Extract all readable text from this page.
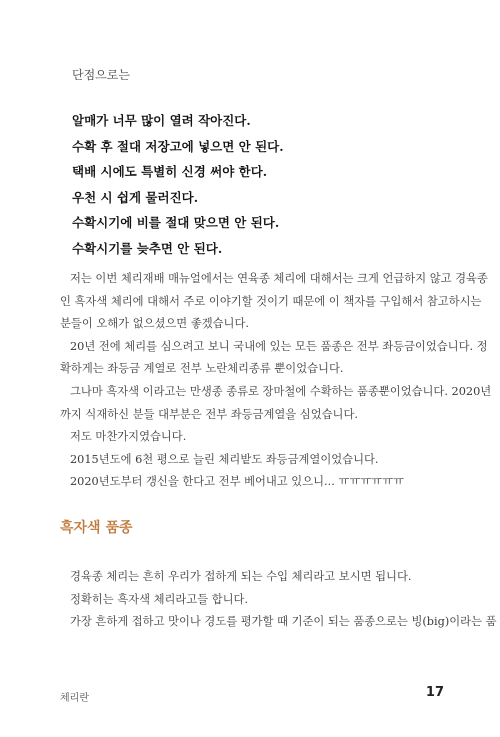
단점으로는
알매가 너무 많이 열려 작아진다.
수확 후 절대 저장고에 넣으면 안 된다.
택배 시에도 특별히 신경 써야 한다.
우천 시 쉽게 물러진다.
수확시기에 비를 절대 맞으면 안 된다.
수확시기를 늦추면 안 된다.

저는 이번 체리재배 매뉴얼에서는 연육종 체리에 대해서는 크게 언급하지 않고 경육종

인 흑자색 체리에 대해서 주로 이야기할 것이기 때문에 이 책자를 구입해서 참고하시는

분들이 오해가 없으셨으면 좋겠습니다.

20년 전에 체리를 심으려고 보니 국내에 있는 모든 품종은 전부 좌등금이었습니다. 정

확하게는 좌등금 계열로 전부 노란체리종류 뿐이었습니다.

그나마 흑자색 이라고는 만생종 종류로 장마철에 수확하는 품종뿐이었습니다. 2020년

까지 식재하신 분들 대부분은 전부 좌등금계열을 심었습니다.

저도 마찬가지였습니다.

2015년도에 6천 평으로 늘린 체리밭도 좌등금계열이었습니다.

2020년도부터 갱신을 한다고 전부 베어내고 있으니... ㅠㅠㅠㅠㅠㅠ

흑자색 품종

경육종 체리는 흔히 우리가 접하게 되는 수입 체리라고 보시면 됩니다.

정확히는 흑자색 체리라고들 합니다.

가장 흔하게 접하고 맛이나 경도를 평가할 때 기준이 되는 품종으로는 빙(big)이라는 품

체리란	17
